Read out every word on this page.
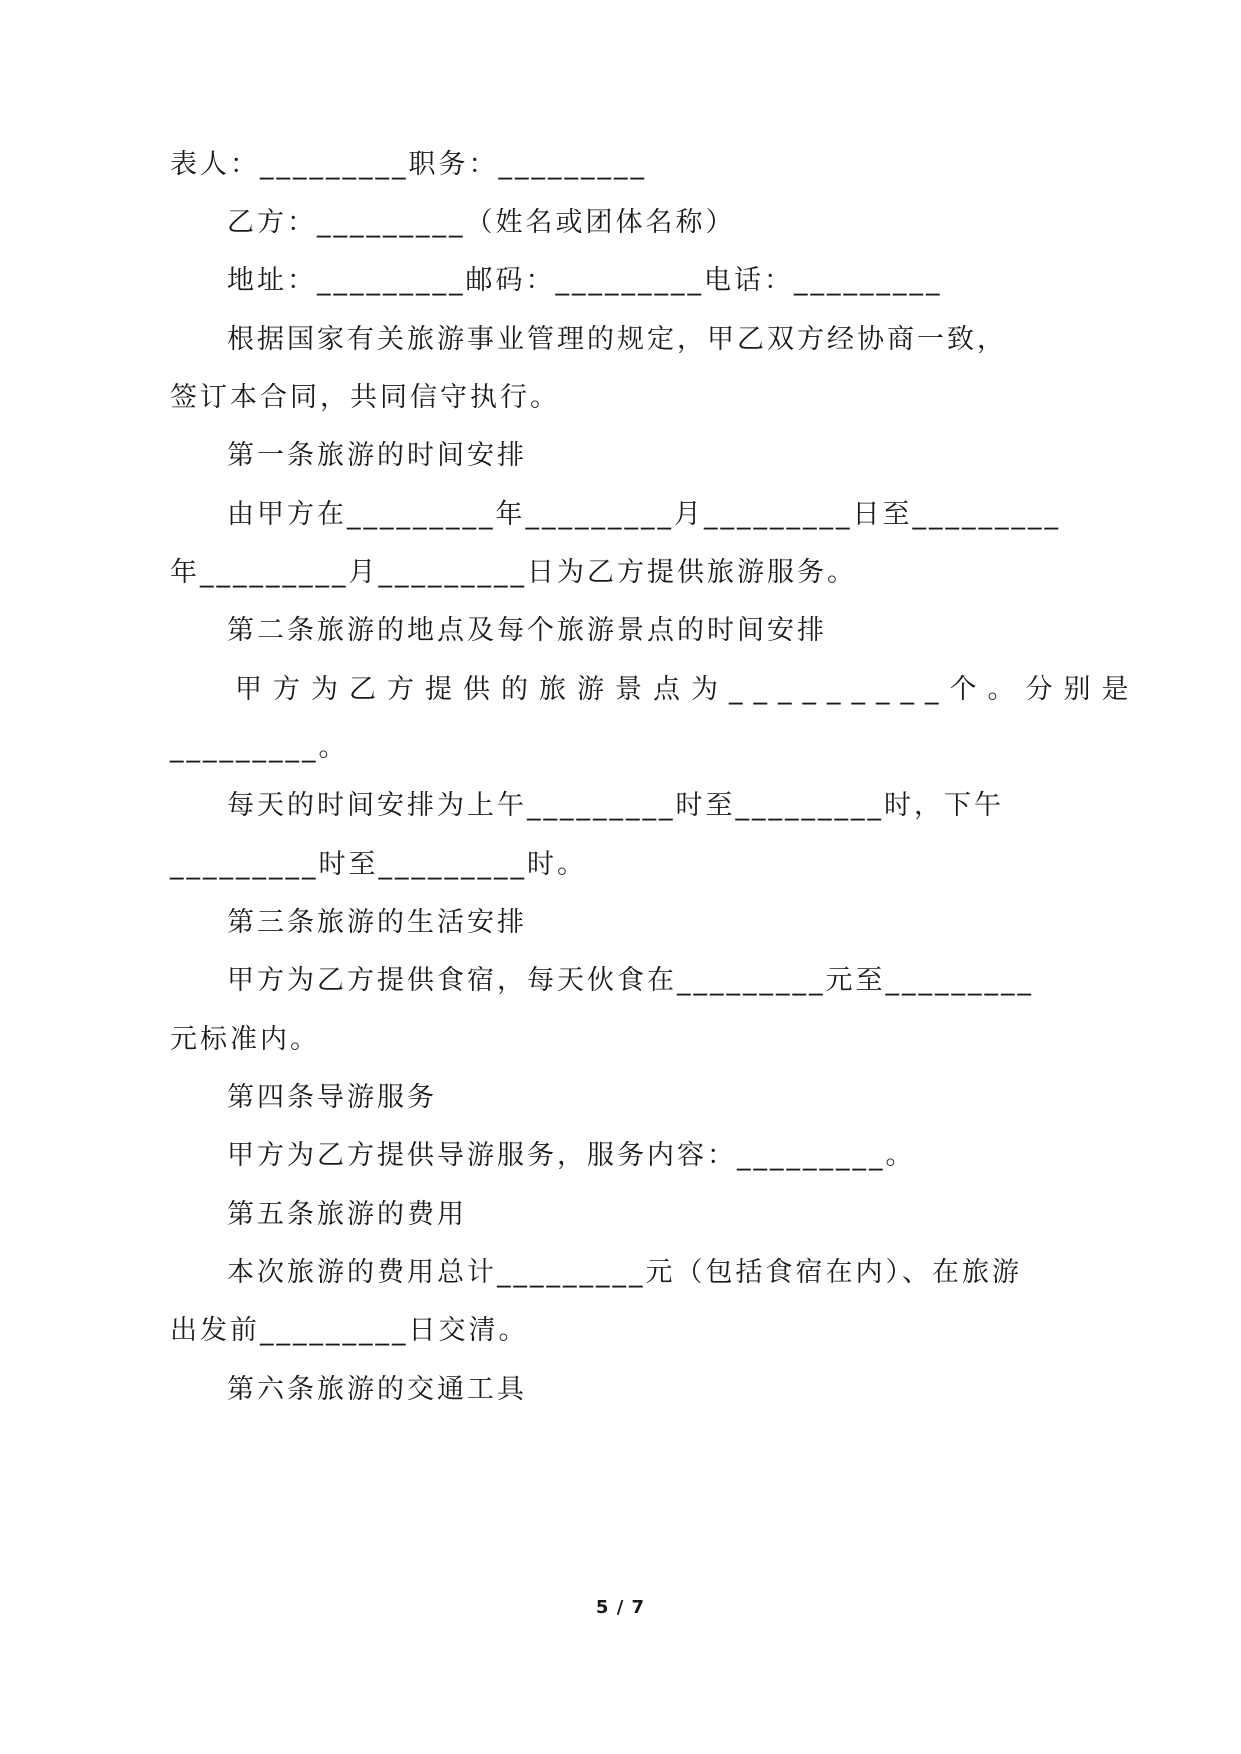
表人：_________职务：_________
乙方：_________（姓名或团体名称）
地址：_________邮码：_________电话：_________
根据国家有关旅游事业管理的规定，甲乙双方经协商一致，
签订本合同，共同信守执行。
第一条旅游的时间安排
由甲方在_________年_________月_________日至_________
年_________月_________日为乙方提供旅游服务。
第二条旅游的地点及每个旅游景点的时间安排
甲方为乙方提供的旅游景点为_________个。分别是
_________。
每天的时间安排为上午_________时至_________时，下午
_________时至_________时。
第三条旅游的生活安排
甲方为乙方提供食宿，每天伙食在_________元至_________
元标准内。
第四条导游服务
甲方为乙方提供导游服务，服务内容：_________。
第五条旅游的费用
本次旅游的费用总计_________元（包括食宿在内）、在旅游
出发前_________日交清。
第六条旅游的交通工具
5 / 7
